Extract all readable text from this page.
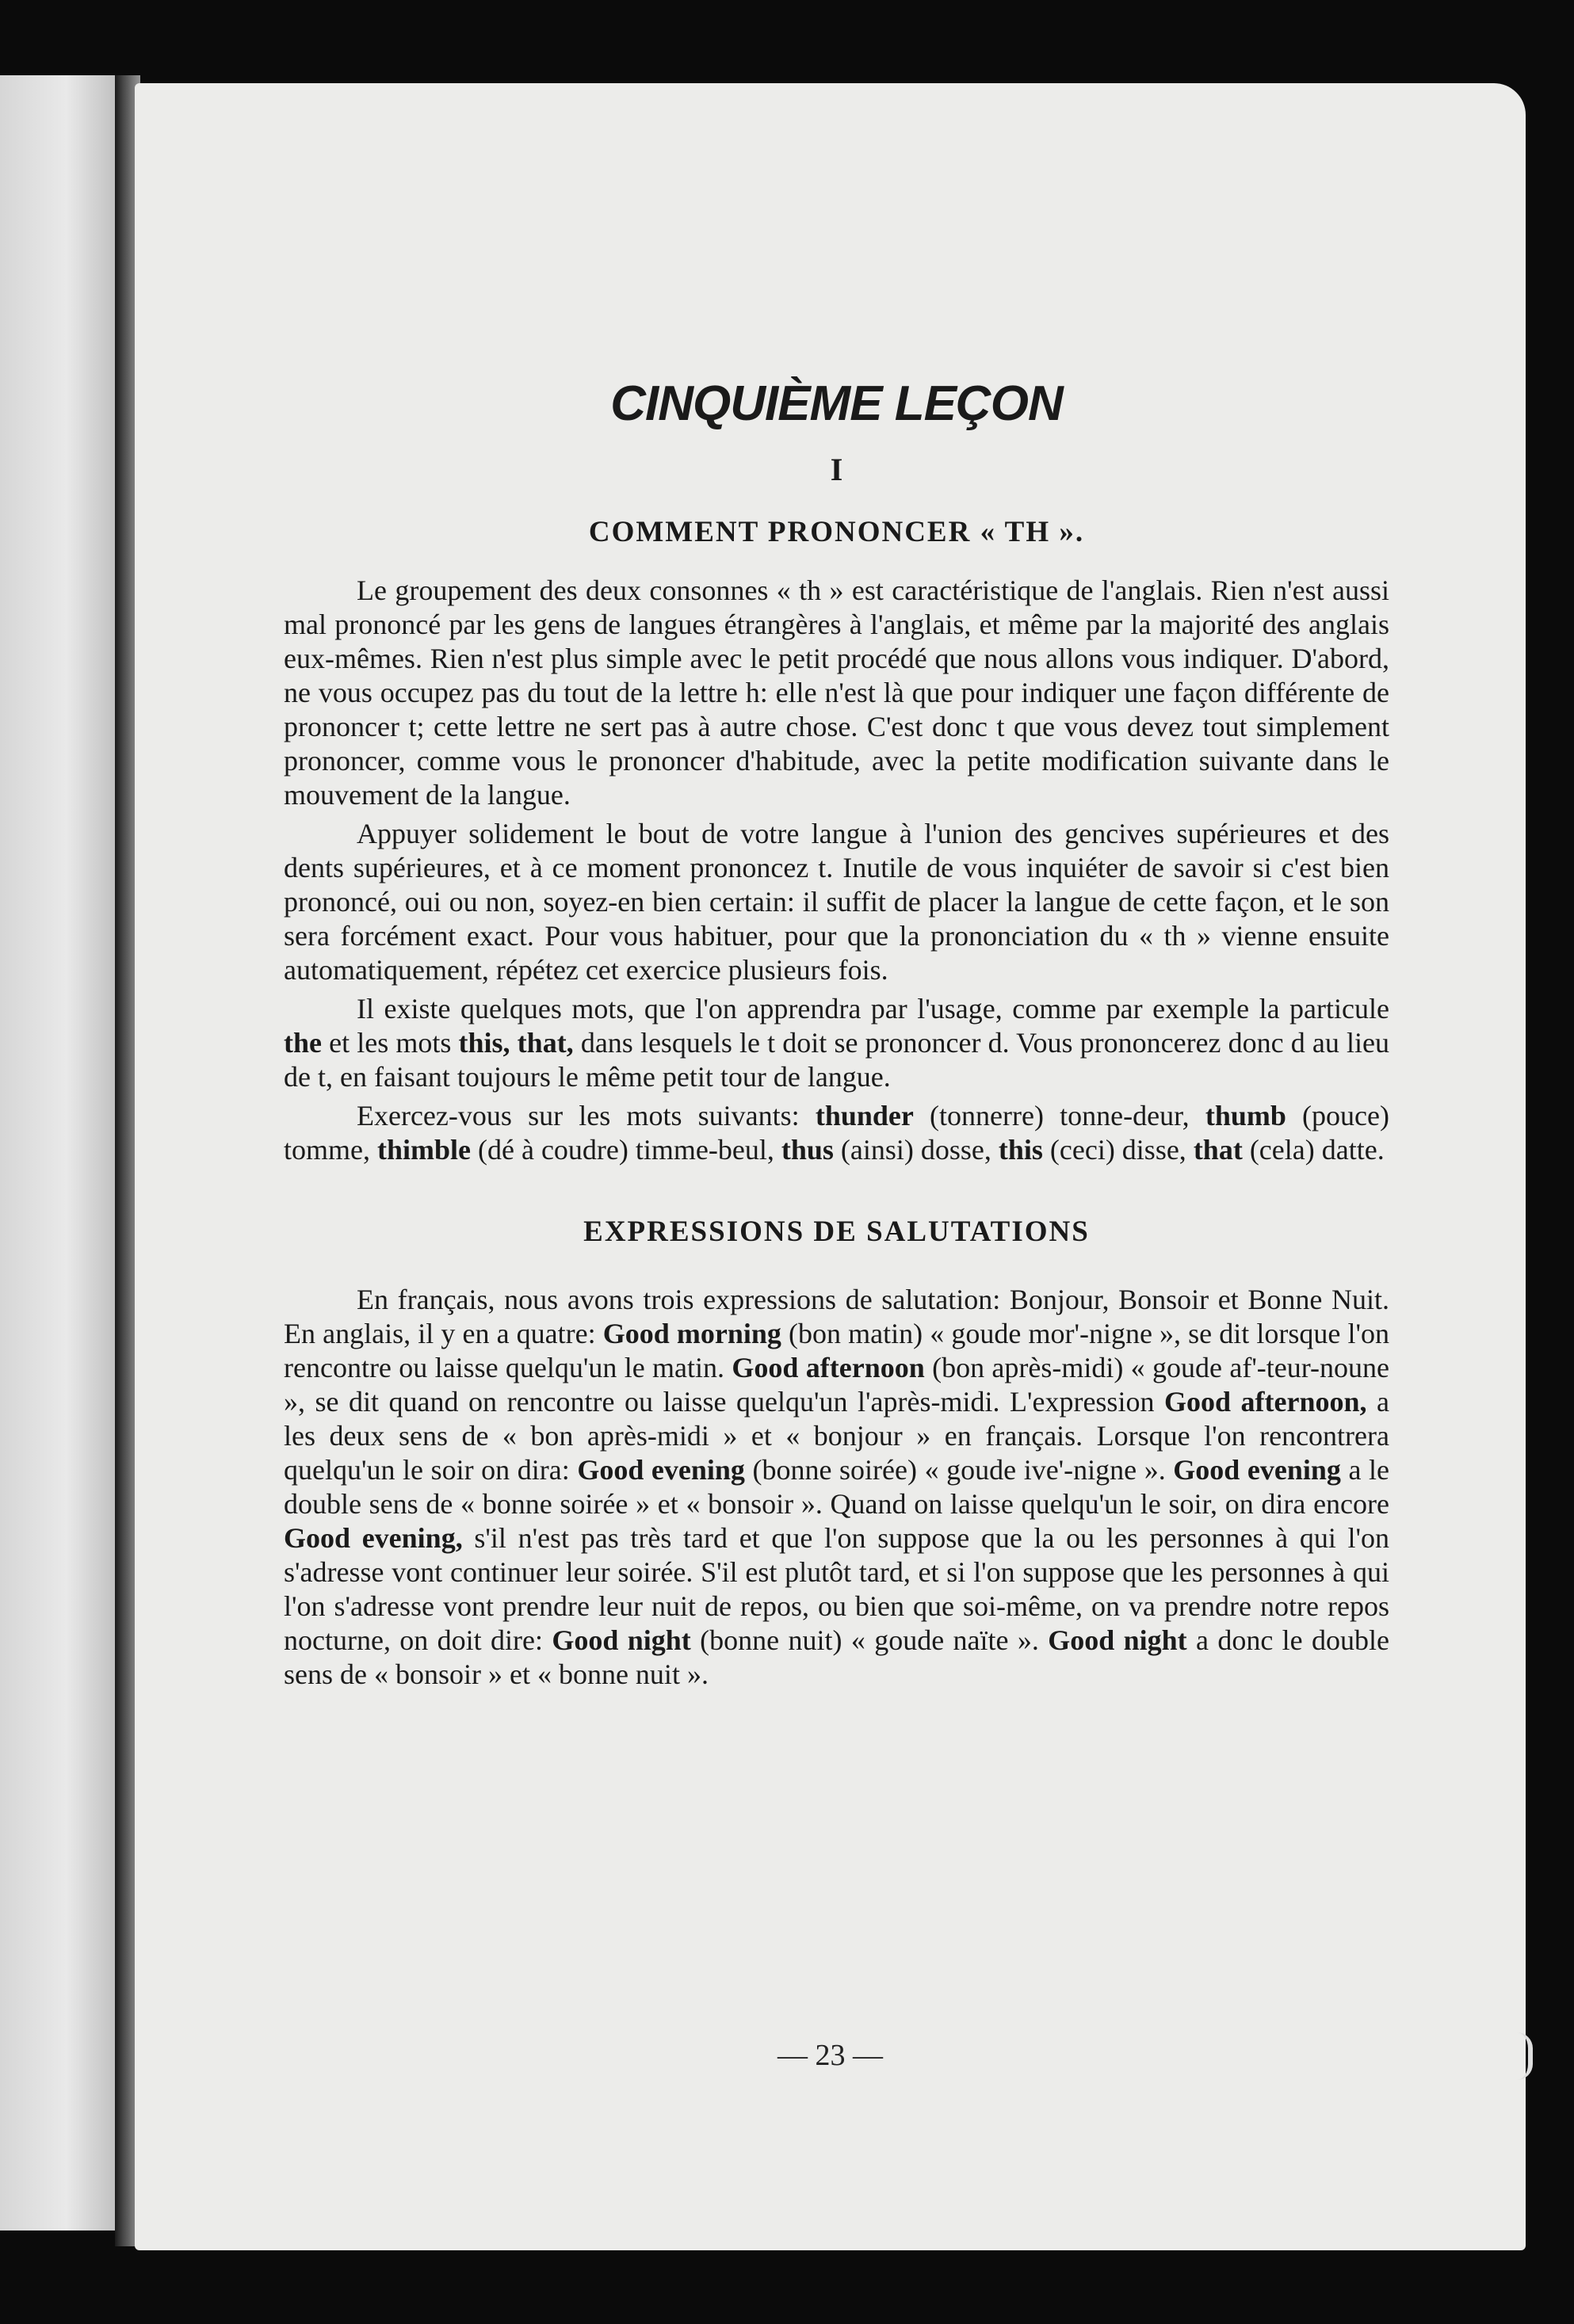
CINQUIÈME LEÇON
I
COMMENT PRONONCER « TH ».

Le groupement des deux consonnes « th » est caractéristique de l'anglais. Rien n'est aussi mal prononcé par les gens de langues étrangères à l'anglais, et même par la majorité des anglais eux-mêmes. Rien n'est plus simple avec le petit procédé que nous allons vous indiquer. D'abord, ne vous occupez pas du tout de la lettre h: elle n'est là que pour indiquer une façon différente de prononcer t; cette lettre ne sert pas à autre chose. C'est donc t que vous devez tout simplement prononcer, comme vous le prononcer d'habitude, avec la petite modification suivante dans le mouvement de la langue.

Appuyer solidement le bout de votre langue à l'union des gencives supérieures et des dents supérieures, et à ce moment prononcez t. Inutile de vous inquiéter de savoir si c'est bien prononcé, oui ou non, soyez-en bien certain: il suffit de placer la langue de cette façon, et le son sera forcément exact. Pour vous habituer, pour que la prononciation du « th » vienne ensuite automatiquement, répétez cet exercice plusieurs fois.

Il existe quelques mots, que l'on apprendra par l'usage, comme par exemple la particule the et les mots this, that, dans lesquels le t doit se prononcer d. Vous prononcerez donc d au lieu de t, en faisant toujours le même petit tour de langue.

Exercez-vous sur les mots suivants: thunder (tonnerre) tonne-deur, thumb (pouce) tomme, thimble (dé à coudre) timme-beul, thus (ainsi) dosse, this (ceci) disse, that (cela) datte.

EXPRESSIONS DE SALUTATIONS

En français, nous avons trois expressions de salutation: Bonjour, Bonsoir et Bonne Nuit. En anglais, il y en a quatre: Good morning (bon matin) « goude mor'-nigne », se dit lorsque l'on rencontre ou laisse quelqu'un le matin. Good afternoon (bon après-midi) « goude af'-teur-noune », se dit quand on rencontre ou laisse quelqu'un l'après-midi. L'expression Good afternoon, a les deux sens de « bon après-midi » et « bonjour » en français. Lorsque l'on rencontrera quelqu'un le soir on dira: Good evening (bonne soirée) « goude ive'-nigne ». Good evening a le double sens de « bonne soirée » et « bonsoir ». Quand on laisse quelqu'un le soir, on dira encore Good evening, s'il n'est pas très tard et que l'on suppose que la ou les personnes à qui l'on s'adresse vont continuer leur soirée. S'il est plutôt tard, et si l'on suppose que les personnes à qui l'on s'adresse vont prendre leur nuit de repos, ou bien que soi-même, on va prendre notre repos nocturne, on doit dire: Good night (bonne nuit) « goude naïte ». Good night a donc le double sens de « bonsoir » et « bonne nuit ».

— 23 —
